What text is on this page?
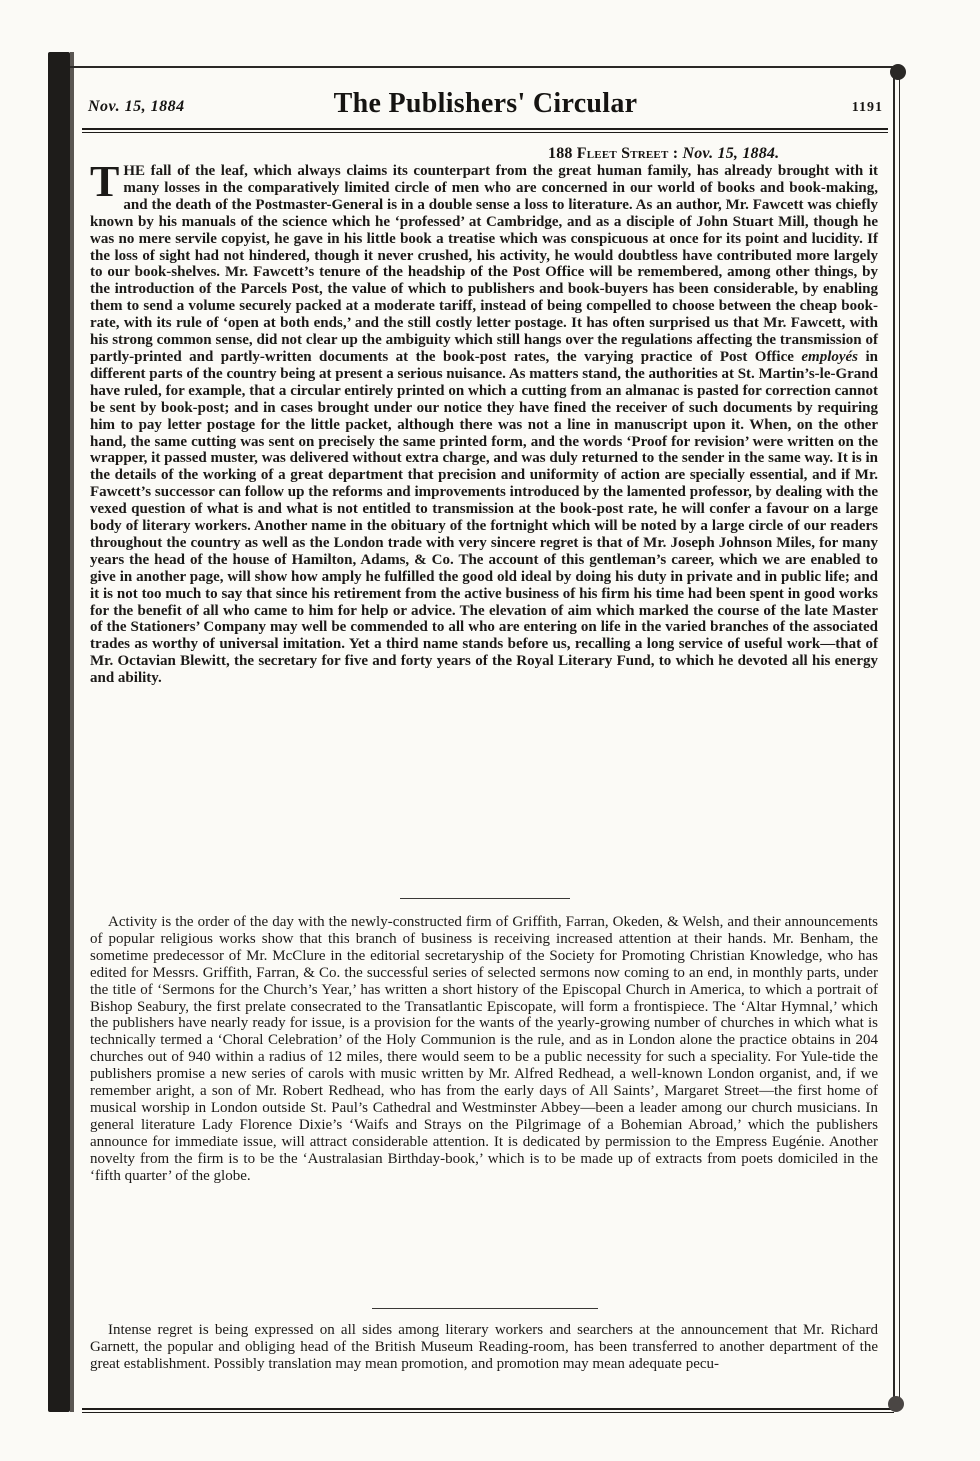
Nov. 15, 1884	The Publishers' Circular	1191
188 Fleet Street : Nov. 15, 1884.
THE fall of the leaf, which always claims its counterpart from the great human family, has already brought with it many losses in the comparatively limited circle of men who are concerned in our world of books and book-making, and the death of the Postmaster-General is in a double sense a loss to literature. As an author, Mr. Fawcett was chiefly known by his manuals of the science which he ‘professed’ at Cambridge, and as a disciple of John Stuart Mill, though he was no mere servile copyist, he gave in his little book a treatise which was conspicuous at once for its point and lucidity. If the loss of sight had not hindered, though it never crushed, his activity, he would doubtless have contributed more largely to our book-shelves. Mr. Fawcett’s tenure of the headship of the Post Office will be remembered, among other things, by the introduction of the Parcels Post, the value of which to publishers and book-buyers has been considerable, by enabling them to send a volume securely packed at a moderate tariff, instead of being compelled to choose between the cheap book-rate, with its rule of ‘open at both ends,’ and the still costly letter postage. It has often surprised us that Mr. Fawcett, with his strong common sense, did not clear up the ambiguity which still hangs over the regulations affecting the transmission of partly-printed and partly-written documents at the book-post rates, the varying practice of Post Office employés in different parts of the country being at present a serious nuisance. As matters stand, the authorities at St. Martin’s-le-Grand have ruled, for example, that a circular entirely printed on which a cutting from an almanac is pasted for correction cannot be sent by book-post; and in cases brought under our notice they have fined the receiver of such documents by requiring him to pay letter postage for the little packet, although there was not a line in manuscript upon it. When, on the other hand, the same cutting was sent on precisely the same printed form, and the words ‘Proof for revision’ were written on the wrapper, it passed muster, was delivered without extra charge, and was duly returned to the sender in the same way. It is in the details of the working of a great department that precision and uniformity of action are specially essential, and if Mr. Fawcett’s successor can follow up the reforms and improvements introduced by the lamented professor, by dealing with the vexed question of what is and what is not entitled to transmission at the book-post rate, he will confer a favour on a large body of literary workers. Another name in the obituary of the fortnight which will be noted by a large circle of our readers throughout the country as well as the London trade with very sincere regret is that of Mr. Joseph Johnson Miles, for many years the head of the house of Hamilton, Adams, & Co. The account of this gentleman’s career, which we are enabled to give in another page, will show how amply he fulfilled the good old ideal by doing his duty in private and in public life; and it is not too much to say that since his retirement from the active business of his firm his time had been spent in good works for the benefit of all who came to him for help or advice. The elevation of aim which marked the course of the late Master of the Stationers’ Company may well be commended to all who are entering on life in the varied branches of the associated trades as worthy of universal imitation. Yet a third name stands before us, recalling a long service of useful work—that of Mr. Octavian Blewitt, the secretary for five and forty years of the Royal Literary Fund, to which he devoted all his energy and ability.
Activity is the order of the day with the newly-constructed firm of Griffith, Farran, Okeden, & Welsh, and their announcements of popular religious works show that this branch of business is receiving increased attention at their hands. Mr. Benham, the sometime predecessor of Mr. McClure in the editorial secretaryship of the Society for Promoting Christian Knowledge, who has edited for Messrs. Griffith, Farran, & Co. the successful series of selected sermons now coming to an end, in monthly parts, under the title of ‘Sermons for the Church’s Year,’ has written a short history of the Episcopal Church in America, to which a portrait of Bishop Seabury, the first prelate consecrated to the Transatlantic Episcopate, will form a frontispiece. The ‘Altar Hymnal,’ which the publishers have nearly ready for issue, is a provision for the wants of the yearly-growing number of churches in which what is technically termed a ‘Choral Celebration’ of the Holy Communion is the rule, and as in London alone the practice obtains in 204 churches out of 940 within a radius of 12 miles, there would seem to be a public necessity for such a speciality. For Yule-tide the publishers promise a new series of carols with music written by Mr. Alfred Redhead, a well-known London organist, and, if we remember aright, a son of Mr. Robert Redhead, who has from the early days of All Saints’, Margaret Street—the first home of musical worship in London outside St. Paul’s Cathedral and Westminster Abbey—been a leader among our church musicians. In general literature Lady Florence Dixie’s ‘Waifs and Strays on the Pilgrimage of a Bohemian Abroad,’ which the publishers announce for immediate issue, will attract considerable attention. It is dedicated by permission to the Empress Eugénie. Another novelty from the firm is to be the ‘Australasian Birthday-book,’ which is to be made up of extracts from poets domiciled in the ‘fifth quarter’ of the globe.
Intense regret is being expressed on all sides among literary workers and searchers at the announcement that Mr. Richard Garnett, the popular and obliging head of the British Museum Reading-room, has been transferred to another department of the great establishment. Possibly translation may mean promotion, and promotion may mean adequate pecu-
